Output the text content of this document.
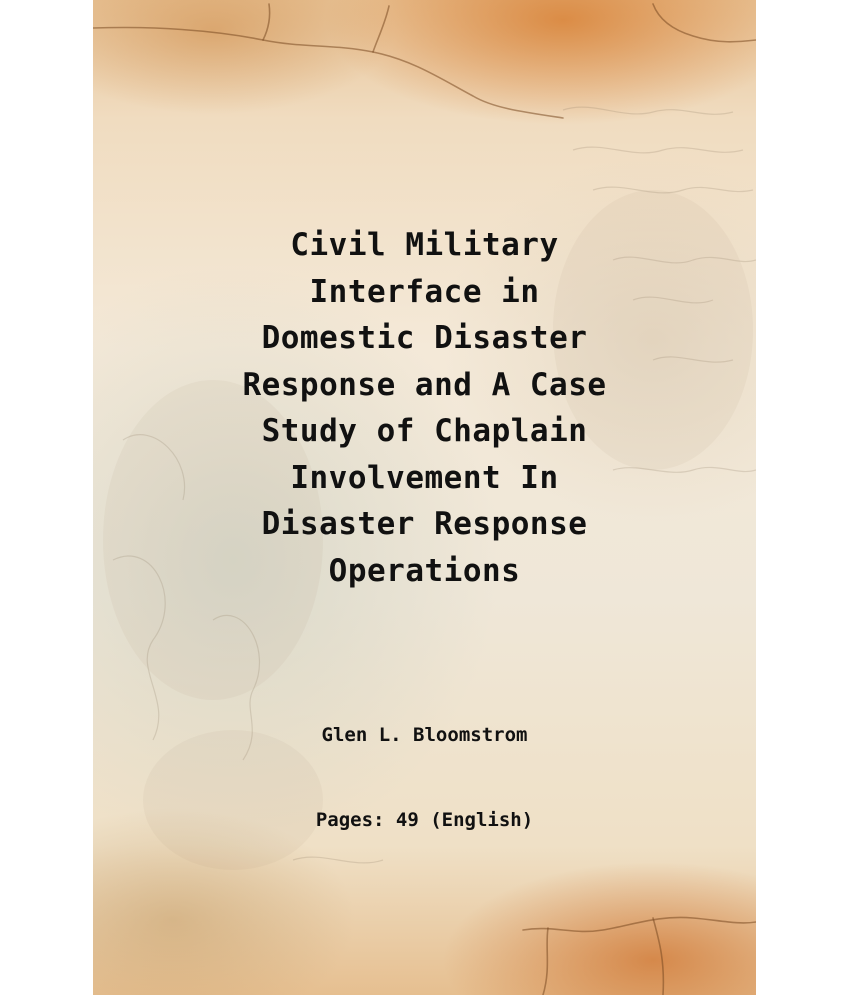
Civil Military
Interface in
Domestic Disaster
Response and A Case
Study of Chaplain
Involvement In
Disaster Response
Operations
Glen L. Bloomstrom
Pages: 49 (English)
